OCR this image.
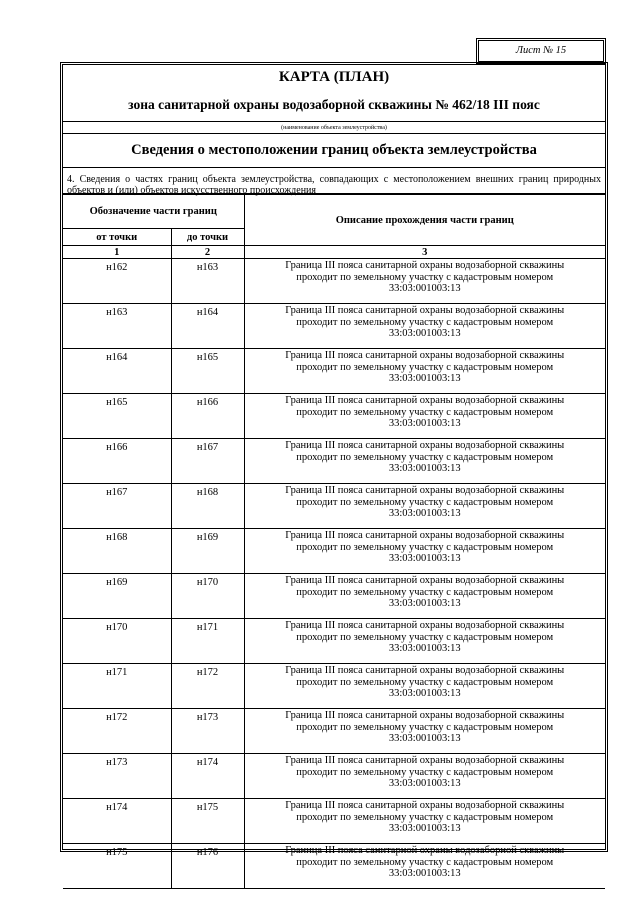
Лист № 15
КАРТА (ПЛАН)
зона санитарной охраны водозаборной скважины № 462/18 III пояс
(наименование объекта землеустройства)
Сведения о местоположении границ объекта землеустройства
4. Сведения о частях границ объекта землеустройства, совпадающих с местоположением внешних границ природных объектов и (или) объектов искусственного происхождения
Обозначение части границ		Описание прохождения части границ
от точки	до точки	
1	2	3
н162	н163	Граница III пояса санитарной охраны водозаборной скважины
проходит по земельному участку с кадастровым номером
33:03:001003:13

н163	н164	Граница III пояса санитарной охраны водозаборной скважины
проходит по земельному участку с кадастровым номером
33:03:001003:13

н164	н165	Граница III пояса санитарной охраны водозаборной скважины
проходит по земельному участку с кадастровым номером
33:03:001003:13

н165	н166	Граница III пояса санитарной охраны водозаборной скважины
проходит по земельному участку с кадастровым номером
33:03:001003:13

н166	н167	Граница III пояса санитарной охраны водозаборной скважины
проходит по земельному участку с кадастровым номером
33:03:001003:13

н167	н168	Граница III пояса санитарной охраны водозаборной скважины
проходит по земельному участку с кадастровым номером
33:03:001003:13

н168	н169	Граница III пояса санитарной охраны водозаборной скважины
проходит по земельному участку с кадастровым номером
33:03:001003:13

н169	н170	Граница III пояса санитарной охраны водозаборной скважины
проходит по земельному участку с кадастровым номером
33:03:001003:13

н170	н171	Граница III пояса санитарной охраны водозаборной скважины
проходит по земельному участку с кадастровым номером
33:03:001003:13

н171	н172	Граница III пояса санитарной охраны водозаборной скважины
проходит по земельному участку с кадастровым номером
33:03:001003:13

н172	н173	Граница III пояса санитарной охраны водозаборной скважины
проходит по земельному участку с кадастровым номером
33:03:001003:13

н173	н174	Граница III пояса санитарной охраны водозаборной скважины
проходит по земельному участку с кадастровым номером
33:03:001003:13

н174	н175	Граница III пояса санитарной охраны водозаборной скважины
проходит по земельному участку с кадастровым номером
33:03:001003:13

н175	н176	Граница III пояса санитарной охраны водозаборной скважины
проходит по земельному участку с кадастровым номером
33:03:001003:13
